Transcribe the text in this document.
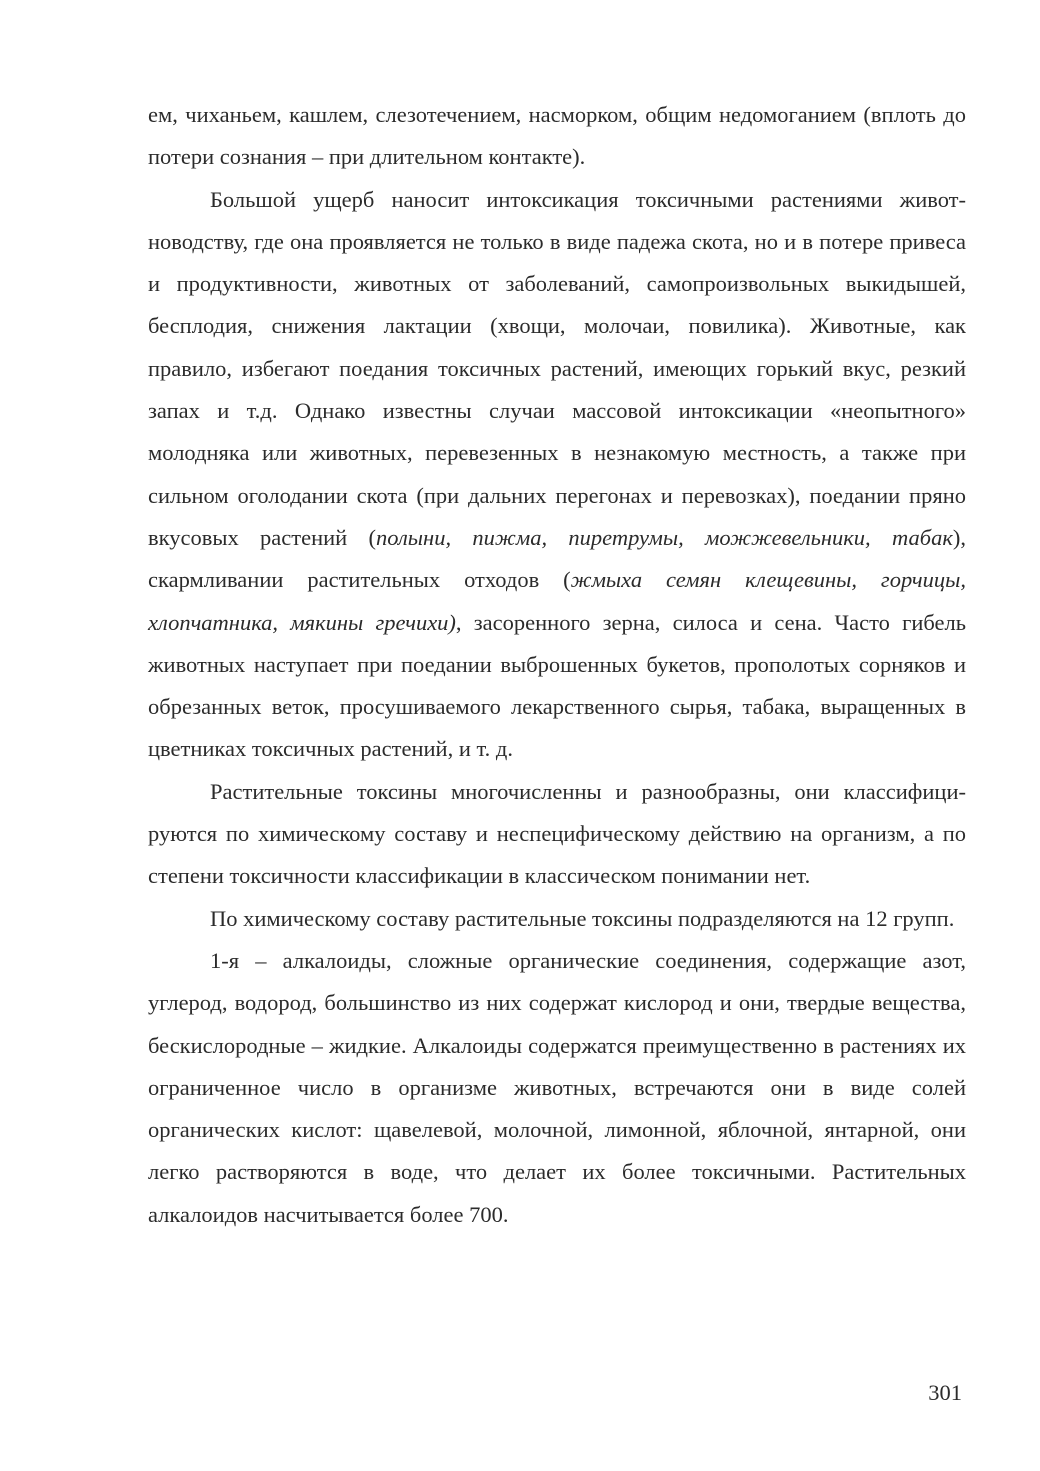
ем, чиханьем, кашлем, слезотечением, насморком, общим недомоганием (вплоть до потери сознания – при длительном контакте).

Большой ущерб наносит интоксикация токсичными растениями животноводству, где она проявляется не только в виде падежа скота, но и в потере привеса и продуктивности, животных от заболеваний, самопроизвольных выкидышей, бесплодия, снижения лактации (хвощи, молочаи, повилика). Животные, как правило, избегают поедания токсичных растений, имеющих горький вкус, резкий запах и т.д. Однако известны случаи массовой интоксикации «неопытного» молодняка или животных, перевезенных в незнакомую местность, а также при сильном оголодании скота (при дальних перегонах и перевозках), поедании пряно вкусовых растений (полыни, пижма, пиретрумы, можжевельники, табак), скармливании растительных отходов (жмыха семян клещевины, горчицы, хлопчатника, мякины гречихи), засоренного зерна, силоса и сена. Часто гибель животных наступает при поедании выброшенных букетов, прополотых сорняков и обрезанных веток, просушиваемого лекарственного сырья, табака, выращенных в цветниках токсичных растений, и т. д.

Растительные токсины многочисленны и разнообразны, они классифицируются по химическому составу и неспецифическому действию на организм, а по степени токсичности классификации в классическом понимании нет.

По химическому составу растительные токсины подразделяются на 12 групп.

1-я – алкалоиды, сложные органические соединения, содержащие азот, углерод, водород, большинство из них содержат кислород и они, твердые вещества, бескислородные – жидкие. Алкалоиды содержатся преимущественно в растениях их ограниченное число в организме животных, встречаются они в виде солей органических кислот: щавелевой, молочной, лимонной, яблочной, янтарной, они легко растворяются в воде, что делает их более токсичными. Растительных алкалоидов насчитывается более 700.

301
